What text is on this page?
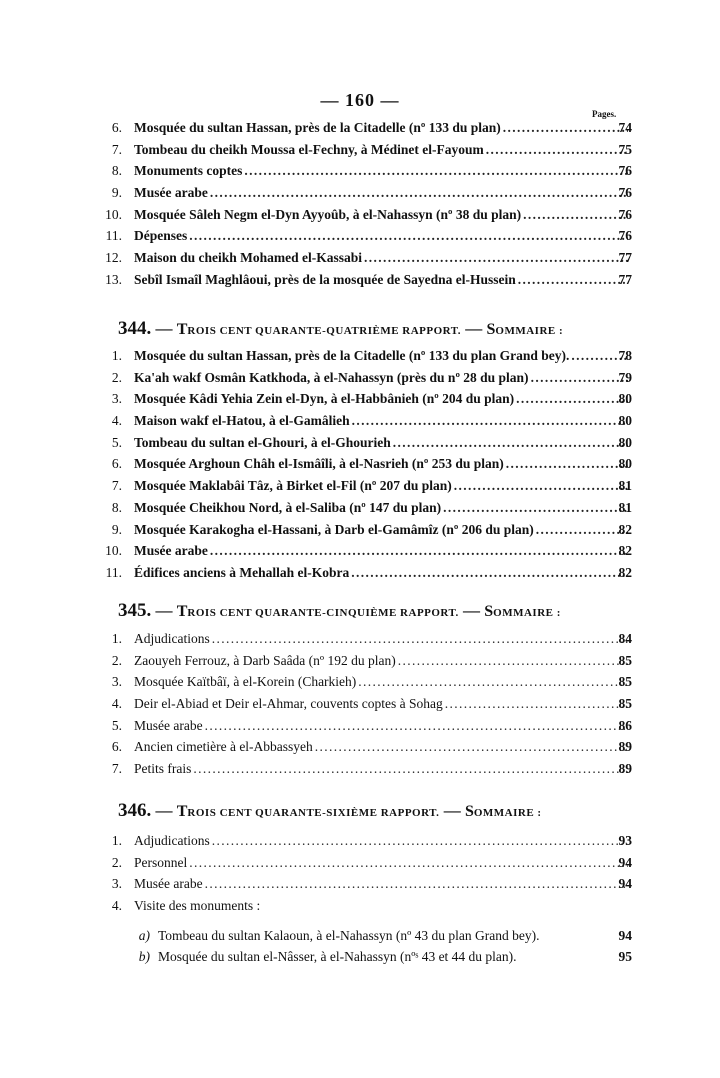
— 160 —
Pages.
6. Mosquée du sultan Hassan, près de la Citadelle (nº 133 du plan) . . .	74
7. Tombeau du cheikh Moussa el-Fechny, à Médinet el-Fayoum . . .	75
8. Monuments coptes . . .	76
9. Musée arabe . . .	76
10. Mosquée Sâleh Negm el-Dyn Ayyoûb, à el-Nahassyn (nº 38 du plan) . . .	76
11. Dépenses . . .	76
12. Maison du cheikh Mohamed el-Kassabi . . .	77
13. Sebîl Ismaîl Maghlâoui, près de la mosquée de Sayedna el-Hussein . . .	77
344. — TROIS CENT QUARANTE-QUATRIÈME RAPPORT. — SOMMAIRE :
1. Mosquée du sultan Hassan, près de la Citadelle (nº 133 du plan Grand bey). . . .	78
2. Ka'ah wakf Osmân Katkhoda, à el-Nahassyn (près du nº 28 du plan) . . .	79
3. Mosquée Kâdi Yehia Zein el-Dyn, à el-Habbânieh (nº 204 du plan) . . .	80
4. Maison wakf el-Hatou, à el-Gamâlieh . . .	80
5. Tombeau du sultan el-Ghouri, à el-Ghourieh . . .	80
6. Mosquée Arghoun Châh el-Ismâîli, à el-Nasrieh (nº 253 du plan) . . .	80
7. Mosquée Maklabâi Tâz, à Birket el-Fil (nº 207 du plan) . . .	81
8. Mosquée Cheikhou Nord, à el-Saliba (nº 147 du plan) . . .	81
9. Mosquée Karakogha el-Hassani, à Darb el-Gamâmîz (nº 206 du plan) . . .	82
10. Musée arabe . . .	82
11. Édifices anciens à Mehallah el-Kobra . . .	82
345. — TROIS CENT QUARANTE-CINQUIÈME RAPPORT. — SOMMAIRE :
1. Adjudications . . .	84
2. Zaouyeh Ferrouz, à Darb Saâda (nº 192 du plan) . . .	85
3. Mosquée Kaïtbâï, à el-Korein (Charkieh) . . .	85
4. Deir el-Abiad et Deir el-Ahmar, couvents coptes à Sohag . . .	85
5. Musée arabe . . .	86
6. Ancien cimetière à el-Abbassyeh . . .	89
7. Petits frais . . .	89
346. — TROIS CENT QUARANTE-SIXIÈME RAPPORT. — SOMMAIRE :
1. Adjudications . . .	93
2. Personnel . . .	94
3. Musée arabe . . .	94
4. Visite des monuments :
a) Tombeau du sultan Kalaoun, à el-Nahassyn (nº 43 du plan Grand bey).	94
b) Mosquée du sultan el-Nâsser, à el-Nahassyn (nºˢ 43 et 44 du plan).	95
